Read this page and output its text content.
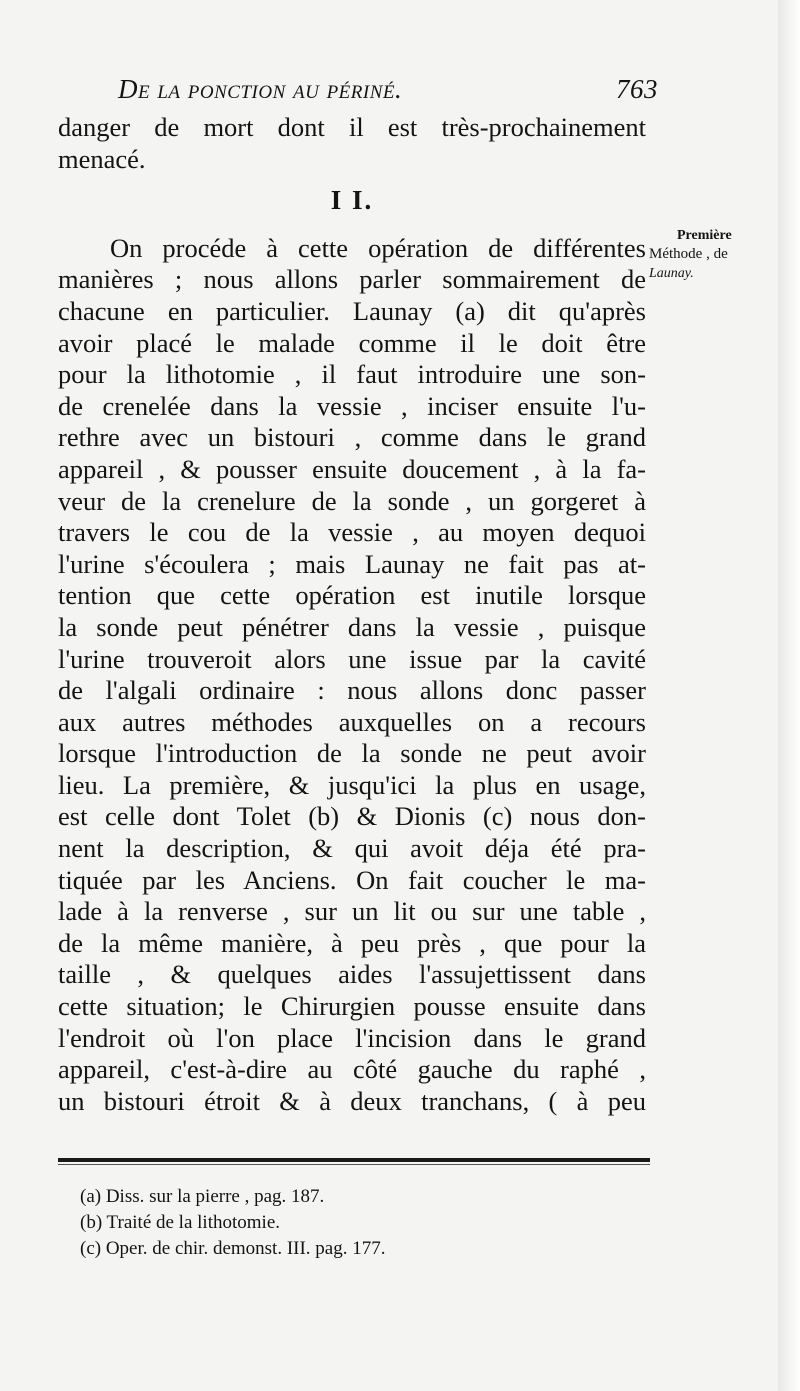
De la ponction au périné.	763
danger de mort dont il est très-prochainement
menacé.
I I.
On procéde à cette opération de différentes
manières ; nous allons parler sommairement de
chacune en particulier. Launay (a) dit qu'après
avoir placé le malade comme il le doit être
pour la lithotomie , il faut introduire une son-
de crenelée dans la vessie , inciser ensuite l'u-
rethre avec un bistouri , comme dans le grand
appareil , & pousser ensuite doucement , à la fa-
veur de la crenelure de la sonde , un gorgeret à
travers le cou de la vessie , au moyen dequoi
l'urine s'écoulera ; mais Launay ne fait pas at-
tention que cette opération est inutile lorsque
la sonde peut pénétrer dans la vessie , puisque
l'urine trouveroit alors une issue par la cavité
de l'algali ordinaire : nous allons donc passer
aux autres méthodes auxquelles on a recours
lorsque l'introduction de la sonde ne peut avoir
lieu. La première, & jusqu'ici la plus en usage,
est celle dont Tolet (b) & Dionis (c) nous don-
nent la description, & qui avoit déja été pra-
tiquée par les Anciens. On fait coucher le ma-
lade à la renverse , sur un lit ou sur une table ,
de la même manière, à peu près , que pour la
taille , & quelques aides l'assujettissent dans
cette situation; le Chirurgien pousse ensuite dans
l'endroit où l'on place l'incision dans le grand
appareil, c'est-à-dire au côté gauche du raphé ,
un bistouri étroit & à deux tranchans, ( à peu
Première
Méthode , de
Launay.
(a) Diss. sur la pierre , pag. 187.
(b) Traité de la lithotomie.
(c) Oper. de chir. demonst. III. pag. 177.
